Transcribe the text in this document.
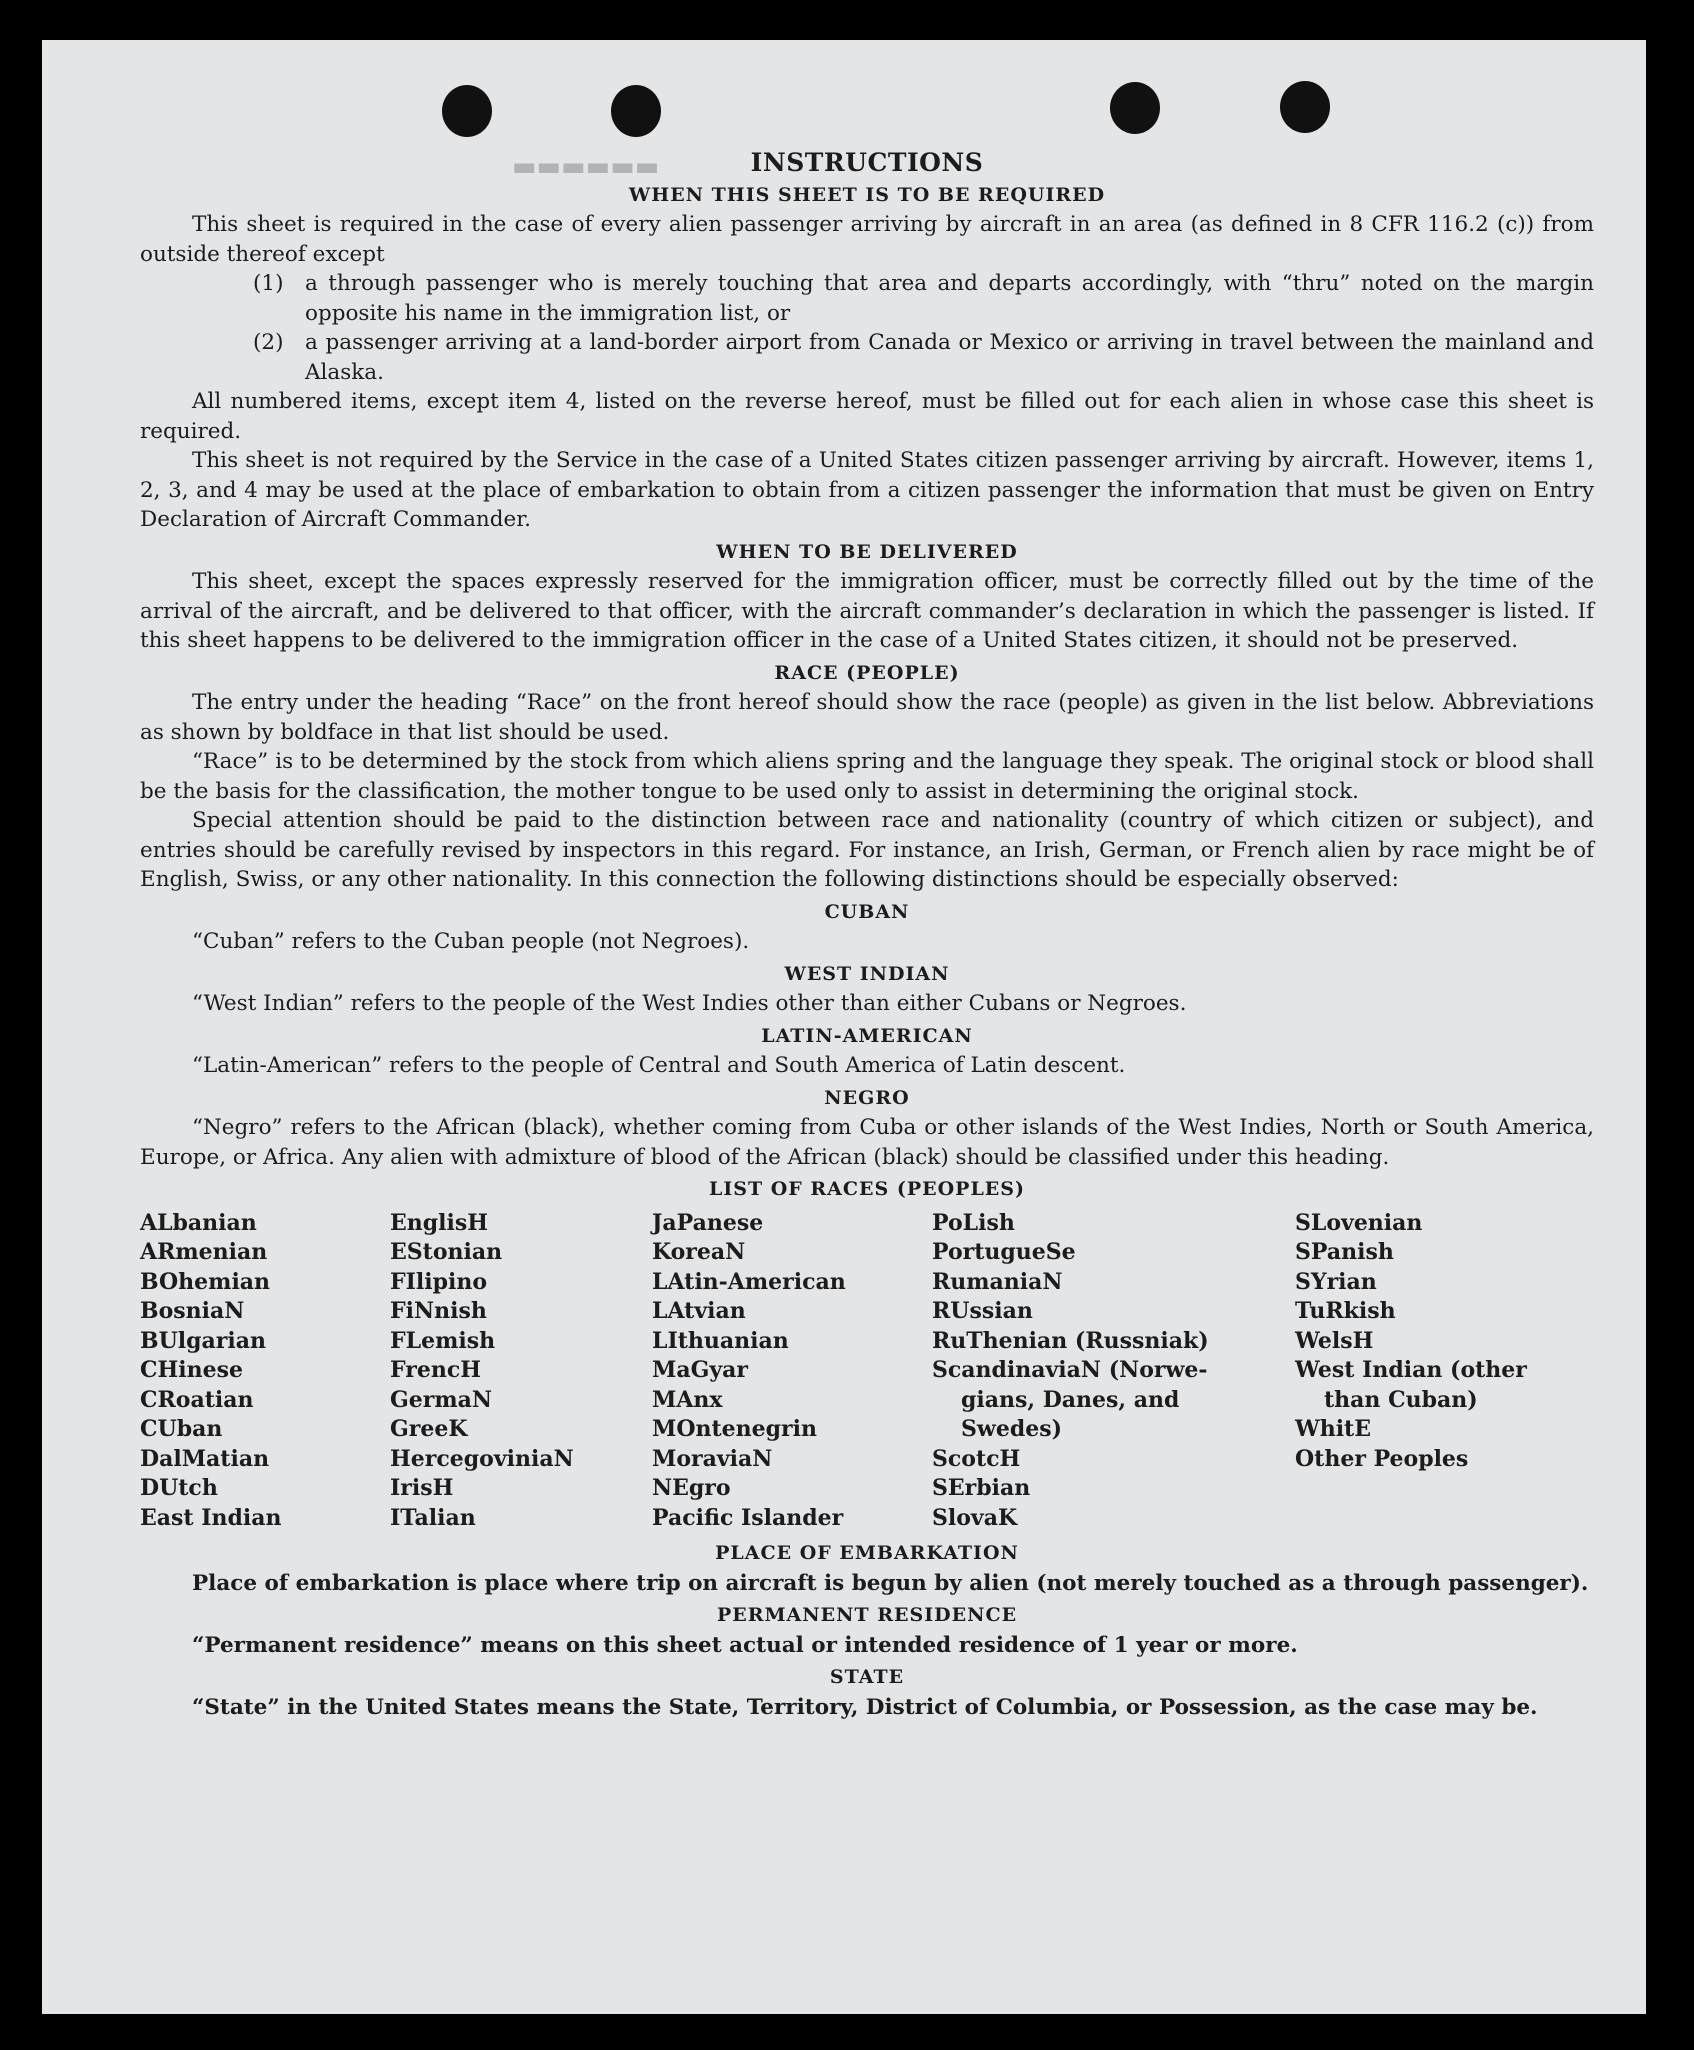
▬▬▬▬▬▬	INSTRUCTIONS
WHEN THIS SHEET IS TO BE REQUIRED

This sheet is required in the case of every alien passenger arriving by aircraft in an area (as defined in 8 CFR 116.2 (c)) from outside thereof except

(1) a through passenger who is merely touching that area and departs accordingly, with “thru” noted on the margin opposite his name in the immigration list, or

(2) a passenger arriving at a land-border airport from Canada or Mexico or arriving in travel between the mainland and Alaska.

All numbered items, except item 4, listed on the reverse hereof, must be filled out for each alien in whose case this sheet is required.

This sheet is not required by the Service in the case of a United States citizen passenger arriving by aircraft. However, items 1, 2, 3, and 4 may be used at the place of embarkation to obtain from a citizen passenger the information that must be given on Entry Declaration of Aircraft Commander.

WHEN TO BE DELIVERED

This sheet, except the spaces expressly reserved for the immigration officer, must be correctly filled out by the time of the arrival of the aircraft, and be delivered to that officer, with the aircraft commander’s declaration in which the passenger is listed. If this sheet happens to be delivered to the immigration officer in the case of a United States citizen, it should not be preserved.

RACE (PEOPLE)

The entry under the heading “Race” on the front hereof should show the race (people) as given in the list below. Abbreviations as shown by boldface in that list should be used.

“Race” is to be determined by the stock from which aliens spring and the language they speak. The original stock or blood shall be the basis for the classification, the mother tongue to be used only to assist in determining the original stock.

Special attention should be paid to the distinction between race and nationality (country of which citizen or subject), and entries should be carefully revised by inspectors in this regard. For instance, an Irish, German, or French alien by race might be of English, Swiss, or any other nationality. In this connection the following distinctions should be especially observed:

CUBAN

“Cuban” refers to the Cuban people (not Negroes).

WEST INDIAN

“West Indian” refers to the people of the West Indies other than either Cubans or Negroes.

LATIN-AMERICAN

“Latin-American” refers to the people of Central and South America of Latin descent.

NEGRO

“Negro” refers to the African (black), whether coming from Cuba or other islands of the West Indies, North or South America, Europe, or Africa. Any alien with admixture of blood of the African (black) should be classified under this heading.

LIST OF RACES (PEOPLES)
ALbanian
ARmenian
BOhemian
BosniaN
BUlgarian
CHinese
CRoatian
CUban
DalMatian
DUtch
East Indian
EnglisH
EStonian
FIlipino
FiNnish
FLemish
FrencH
GermaN
GreeK
HercegoviniaN
IrisH
ITalian
JaPanese
KoreaN
LAtin-American
LAtvian
LIthuanian
MaGyar
MAnx
MOntenegrin
MoraviaN
NEgro
Pacific Islander
PoLish
PortugueSe
RumaniaN
RUssian
RuThenian (Russniak)
ScandinaviaN (Norwe-
gians, Danes, and
Swedes)
ScotcH
SErbian
SlovaK
SLovenian
SPanish
SYrian
TuRkish
WelsH
West Indian (other
than Cuban)
WhitE
Other Peoples
PLACE OF EMBARKATION

Place of embarkation is place where trip on aircraft is begun by alien (not merely touched as a through passenger).

PERMANENT RESIDENCE

“Permanent residence” means on this sheet actual or intended residence of 1 year or more.

STATE

“State” in the United States means the State, Territory, District of Columbia, or Possession, as the case may be.
